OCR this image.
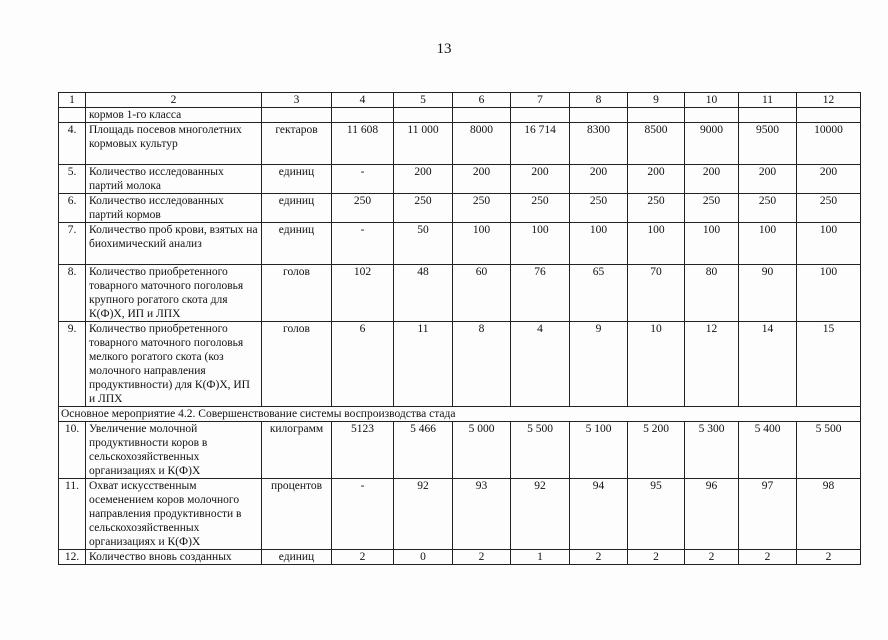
13
1	2	3	4	5	6	7	8	9	10	11	12
	кормов 1-го класса										
4.	Площадь посевов многолетних кормовых культур	гектаров	11 608	11 000	8000	16 714	8300	8500	9000	9500	10000
5.	Количество исследованных партий молока	единиц	-	200	200	200	200	200	200	200	200
6.	Количество исследованных партий кормов	единиц	250	250	250	250	250	250	250	250	250
7.	Количество проб крови, взятых на биохимический анализ	единиц	-	50	100	100	100	100	100	100	100
8.	Количество приобретенного товарного маточного поголовья крупного рогатого скота для К(Ф)Х, ИП и ЛПХ	голов	102	48	60	76	65	70	80	90	100
9.	Количество приобретенного товарного маточного поголовья мелкого рогатого скота (коз молочного направления продуктивности) для К(Ф)Х, ИП и ЛПХ	голов	6	11	8	4	9	10	12	14	15
Основное мероприятие 4.2. Совершенствование системы воспроизводства стада											
10.	Увеличение молочной продуктивности коров в сельскохозяйственных организациях и К(Ф)Х	килограмм	5123	5 466	5 000	5 500	5 100	5 200	5 300	5 400	5 500
11.	Охват искусственным осеменением коров молочного направления продуктивности в сельскохозяйственных организациях и К(Ф)Х	процентов	-	92	93	92	94	95	96	97	98
12.	Количество вновь созданных	единиц	2	0	2	1	2	2	2	2	2
